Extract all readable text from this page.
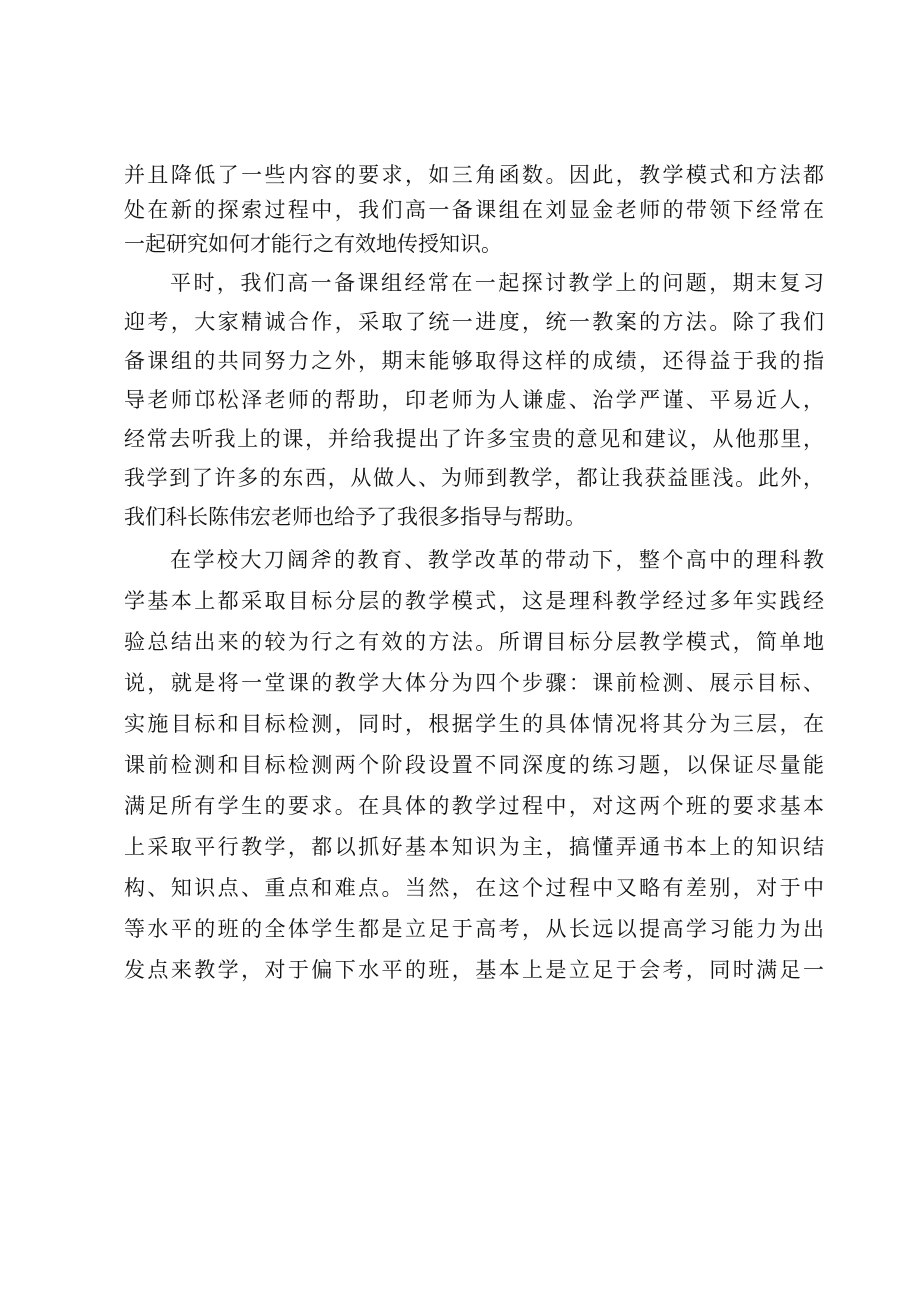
并且降低了一些内容的要求，如三角函数。因此，教学模式和方法都
处在新的探索过程中，我们高一备课组在刘显金老师的带领下经常在
一起研究如何才能行之有效地传授知识。
平时，我们高一备课组经常在一起探讨教学上的问题，期末复习
迎考，大家精诚合作，采取了统一进度，统一教案的方法。除了我们
备课组的共同努力之外，期末能够取得这样的成绩，还得益于我的指
导老师邙松泽老师的帮助，印老师为人谦虚、治学严谨、平易近人，
经常去听我上的课，并给我提出了许多宝贵的意见和建议，从他那里，
我学到了许多的东西，从做人、为师到教学，都让我获益匪浅。此外，
我们科长陈伟宏老师也给予了我很多指导与帮助。
在学校大刀阔斧的教育、教学改革的带动下，整个高中的理科教
学基本上都采取目标分层的教学模式，这是理科教学经过多年实践经
验总结出来的较为行之有效的方法。所谓目标分层教学模式，简单地
说，就是将一堂课的教学大体分为四个步骤：课前检测、展示目标、
实施目标和目标检测，同时，根据学生的具体情况将其分为三层，在
课前检测和目标检测两个阶段设置不同深度的练习题，以保证尽量能
满足所有学生的要求。在具体的教学过程中，对这两个班的要求基本
上采取平行教学，都以抓好基本知识为主，搞懂弄通书本上的知识结
构、知识点、重点和难点。当然，在这个过程中又略有差别，对于中
等水平的班的全体学生都是立足于高考，从长远以提高学习能力为出
发点来教学，对于偏下水平的班，基本上是立足于会考，同时满足一
